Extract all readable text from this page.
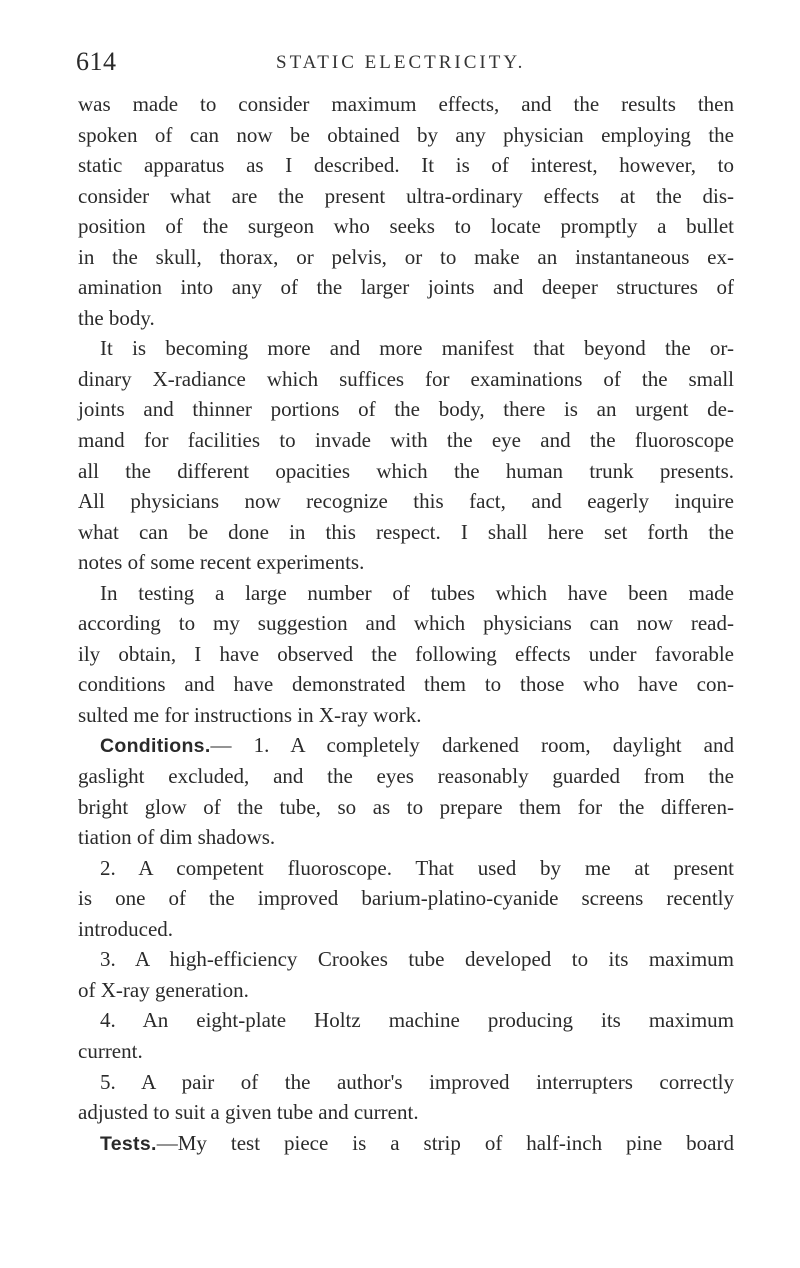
614	STATIC ELECTRICITY.
was made to consider maximum effects, and the results then
spoken of can now be obtained by any physician employing the
static apparatus as I described. It is of interest, however, to
consider what are the present ultra-ordinary effects at the dis-
position of the surgeon who seeks to locate promptly a bullet
in the skull, thorax, or pelvis, or to make an instantaneous ex-
amination into any of the larger joints and deeper structures of
the body.
It is becoming more and more manifest that beyond the or-
dinary X-radiance which suffices for examinations of the small
joints and thinner portions of the body, there is an urgent de-
mand for facilities to invade with the eye and the fluoroscope
all the different opacities which the human trunk presents.
All physicians now recognize this fact, and eagerly inquire
what can be done in this respect. I shall here set forth the
notes of some recent experiments.
In testing a large number of tubes which have been made
according to my suggestion and which physicians can now read-
ily obtain, I have observed the following effects under favorable
conditions and have demonstrated them to those who have con-
sulted me for instructions in X-ray work.
Conditions.— 1. A completely darkened room, daylight and
gaslight excluded, and the eyes reasonably guarded from the
bright glow of the tube, so as to prepare them for the differen-
tiation of dim shadows.
2. A competent fluoroscope. That used by me at present
is one of the improved barium-platino-cyanide screens recently
introduced.
3. A high-efficiency Crookes tube developed to its maximum
of X-ray generation.
4. An eight-plate Holtz machine producing its maximum
current.
5. A pair of the author's improved interrupters correctly
adjusted to suit a given tube and current.
Tests.—My test piece is a strip of half-inch pine board
